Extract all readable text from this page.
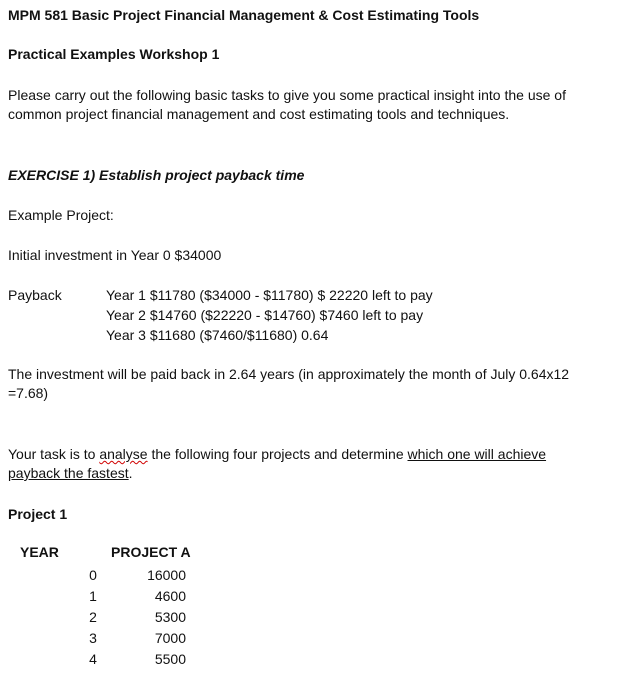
MPM 581 Basic Project Financial Management & Cost Estimating Tools
Practical Examples Workshop 1
Please carry out the following basic tasks to give you some practical insight into the use of
common project financial management and cost estimating tools and techniques.
EXERCISE 1) Establish project payback time
Example Project:
Initial investment in Year 0 $34000
Payback	Year 1 $11780 ($34000 - $11780) $ 22220 left to pay
Year 2 $14760 ($22220 - $14760) $7460 left to pay
Year 3 $11680 ($7460/$11680) 0.64
The investment will be paid back in 2.64 years (in approximately the month of July 0.64x12
=7.68)
Your task is to analyse the following four projects and determine which one will achieve
payback the fastest.
Project 1
YEAR	PROJECT A
0	16000
1	4600
2	5300
3	7000
4	5500
